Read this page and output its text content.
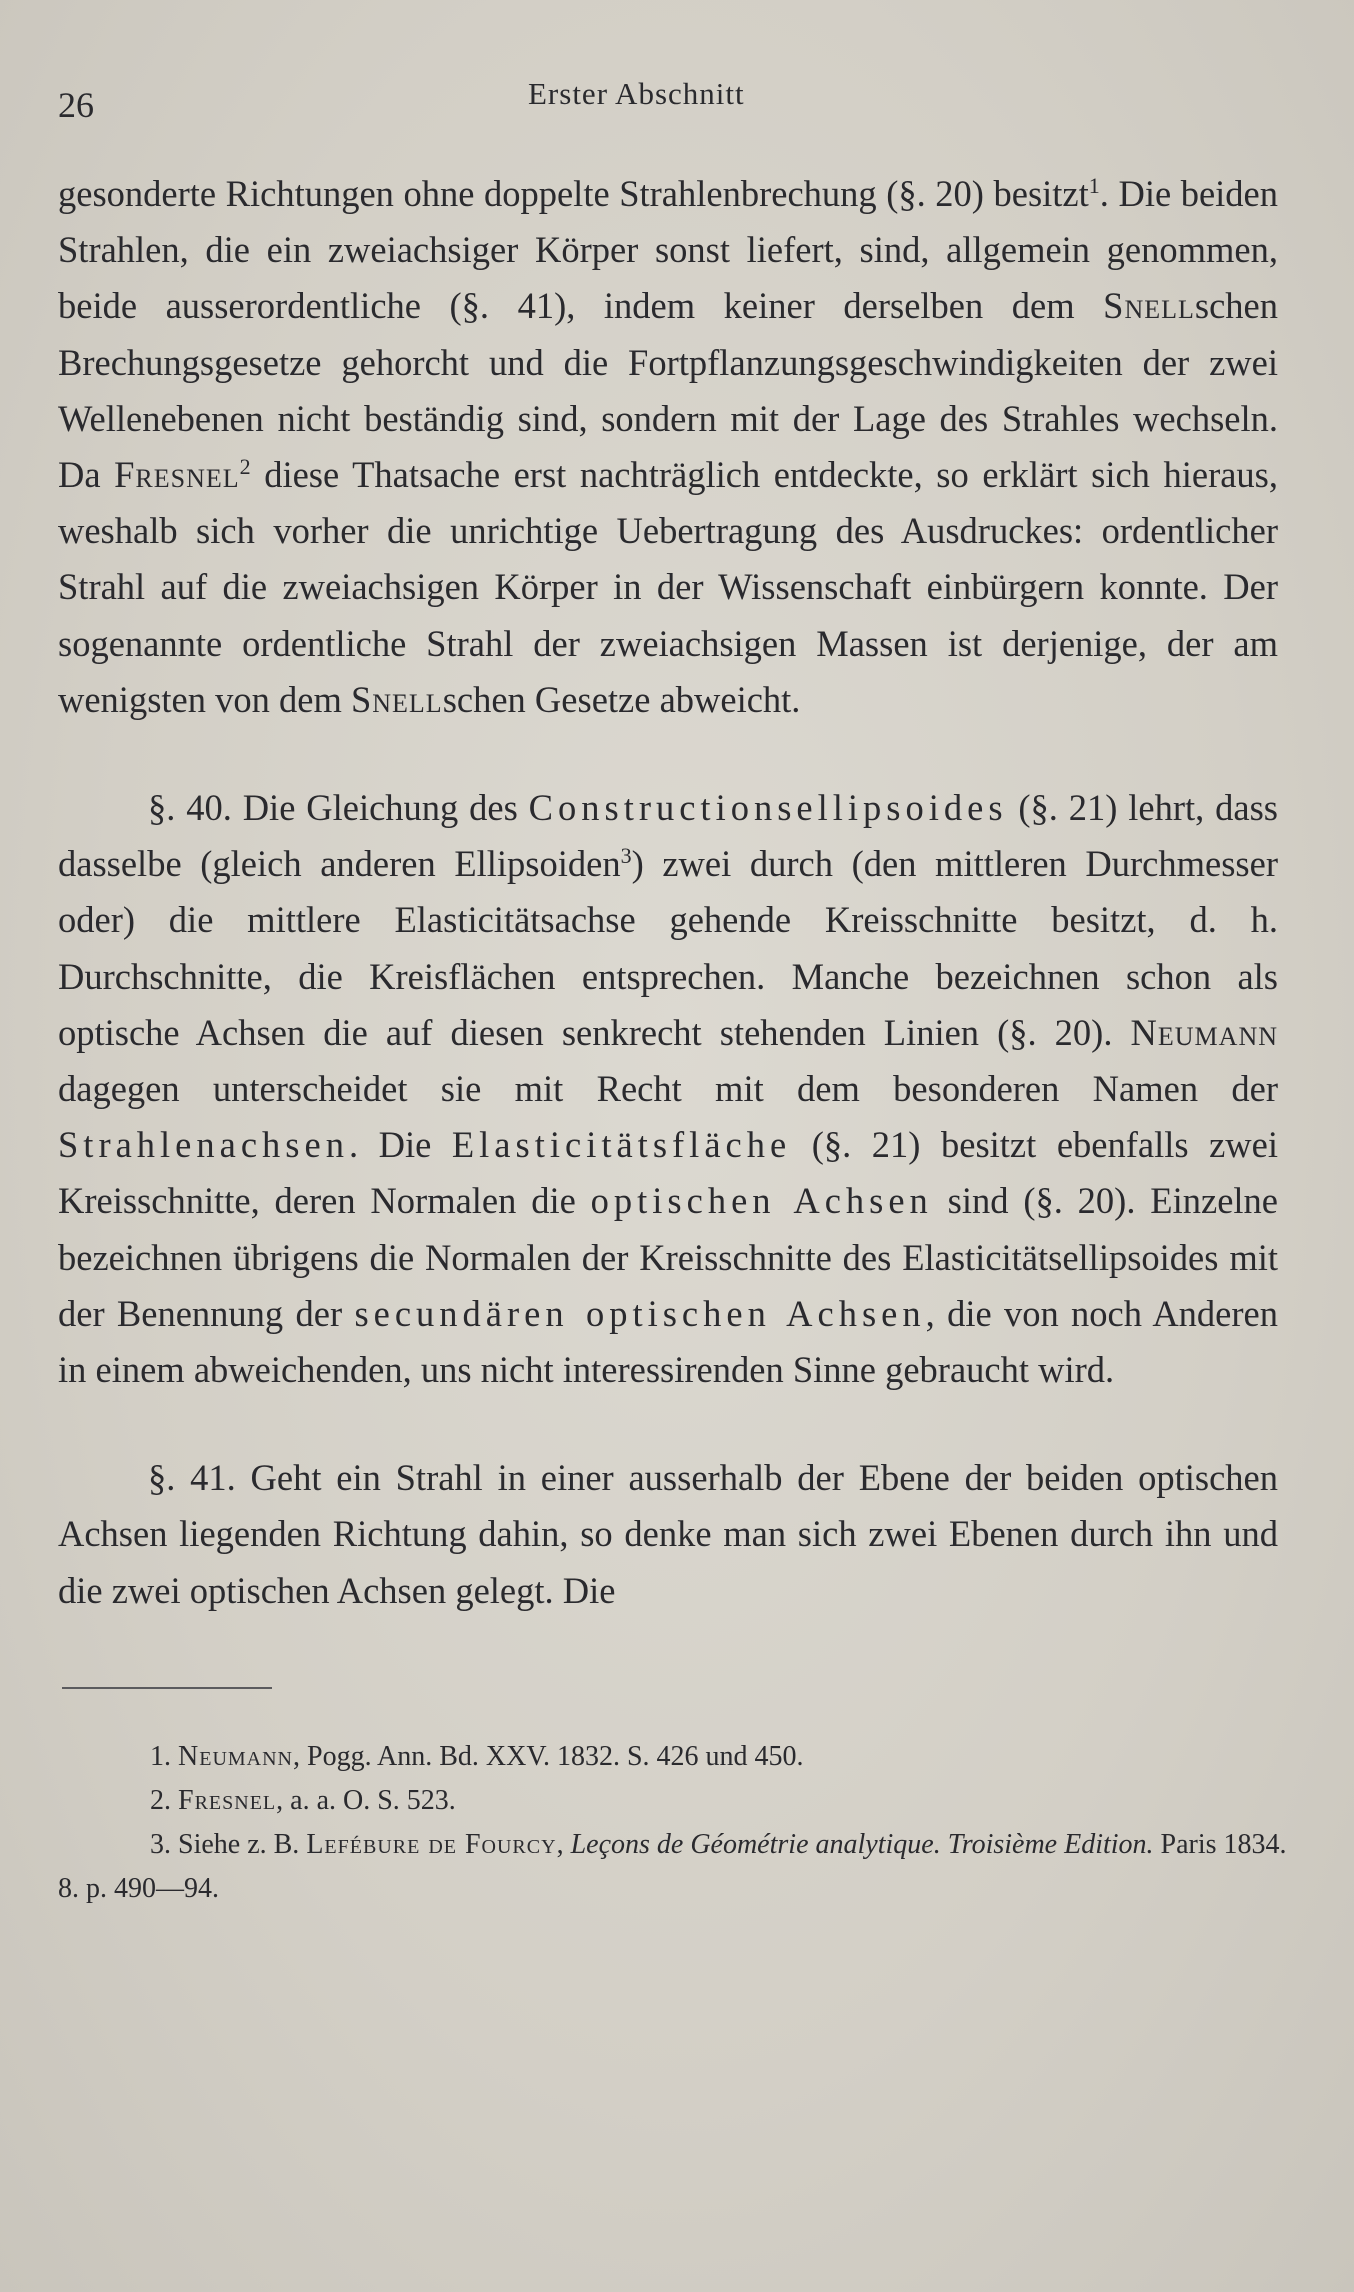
26	Erster Abschnitt

gesonderte Richtungen ohne doppelte Strahlenbrechung (§. 20) besitzt$^1$. Die beiden Strahlen, die ein zweiachsiger Körper sonst liefert, sind, allgemein genommen, beide ausserordentliche (§. 41), indem keiner derselben dem Snellschen Brechungsgesetze gehorcht und die Fortpflanzungsgeschwindigkeiten der zwei Wellenebenen nicht beständig sind, sondern mit der Lage des Strahles wechseln. Da Fresnel$^2$ diese Thatsache erst nachträglich entdeckte, so erklärt sich hieraus, weshalb sich vorher die unrichtige Uebertragung des Ausdruckes: ordentlicher Strahl auf die zweiachsigen Körper in der Wissenschaft einbürgern konnte. Der sogenannte ordentliche Strahl der zweiachsigen Massen ist derjenige, der am wenigsten von dem Snellschen Gesetze abweicht.

§. 40. Die Gleichung des Constructionsellipsoides (§. 21) lehrt, dass dasselbe (gleich anderen Ellipsoiden$^3$) zwei durch (den mittleren Durchmesser oder) die mittlere Elasticitätsachse gehende Kreisschnitte besitzt, d. h. Durchschnitte, die Kreisflächen entsprechen. Manche bezeichnen schon als optische Achsen die auf diesen senkrecht stehenden Linien (§. 20). Neumann dagegen unterscheidet sie mit Recht mit dem besonderen Namen der Strahlenachsen. Die Elasticitätsfläche (§. 21) besitzt ebenfalls zwei Kreisschnitte, deren Normalen die optischen Achsen sind (§. 20). Einzelne bezeichnen übrigens die Normalen der Kreisschnitte des Elasticitätsellipsoides mit der Benennung der secundären optischen Achsen, die von noch Anderen in einem abweichenden, uns nicht interessirenden Sinne gebraucht wird.

§. 41. Geht ein Strahl in einer ausserhalb der Ebene der beiden optischen Achsen liegenden Richtung dahin, so denke man sich zwei Ebenen durch ihn und die zwei optischen Achsen gelegt. Die

1. Neumann, Pogg. Ann. Bd. XXV. 1832. S. 426 und 450.

2. Fresnel, a. a. O. S. 523.

3. Siehe z. B. Lefébure de Fourcy, Leçons de Géométrie analytique. Troisième Edition. Paris 1834. 8. p. 490—94.
